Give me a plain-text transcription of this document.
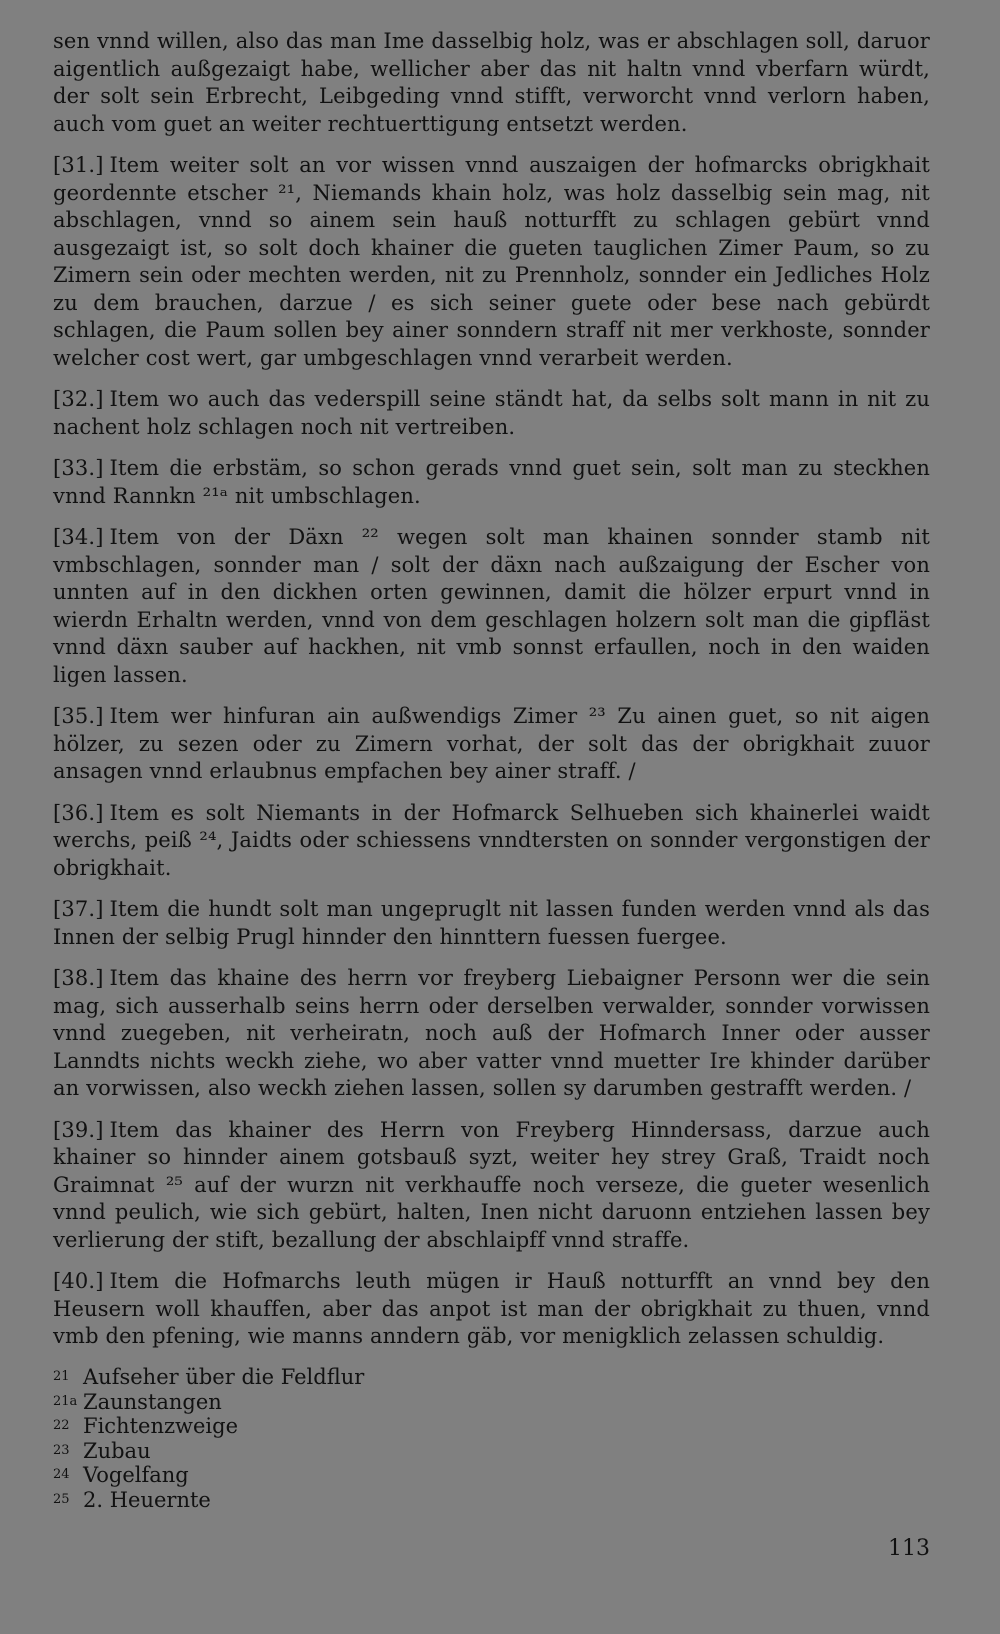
sen vnnd willen, also das man Ime dasselbig holz, was er abschlagen soll, daruor aigentlich außgezaigt habe, wellicher aber das nit haltn vnnd vberfarn würdt, der solt sein Erbrecht, Leibgeding vnnd stifft, verworcht vnnd verlorn haben, auch vom guet an weiter rechtuerttigung entsetzt werden.

[31.] Item weiter solt an vor wissen vnnd auszaigen der hofmarcks obrigkhait geordennte etscher ²¹, Niemands khain holz, was holz dasselbig sein mag, nit abschlagen, vnnd so ainem sein hauß notturfft zu schlagen gebürt vnnd ausgezaigt ist, so solt doch khainer die gueten tauglichen Zimer Paum, so zu Zimern sein oder mechten werden, nit zu Prennholz, sonnder ein Jedliches Holz zu dem brauchen, darzue / es sich seiner guete oder bese nach gebürdt schlagen, die Paum sollen bey ainer sonndern straff nit mer verkhoste, sonnder welcher cost wert, gar umbgeschlagen vnnd verarbeit werden.

[32.] Item wo auch das vederspill seine ständt hat, da selbs solt mann in nit zu nachent holz schlagen noch nit vertreiben.

[33.] Item die erbstäm, so schon gerads vnnd guet sein, solt man zu steckhen vnnd Rannkn ²¹ᵃ nit umbschlagen.

[34.] Item von der Däxn ²² wegen solt man khainen sonnder stamb nit vmbschlagen, sonnder man / solt der däxn nach außzaigung der Escher von unnten auf in den dickhen orten gewinnen, damit die hölzer erpurt vnnd in wierdn Erhaltn werden, vnnd von dem geschlagen holzern solt man die gipfläst vnnd däxn sauber auf hackhen, nit vmb sonnst erfaullen, noch in den waiden ligen lassen.

[35.] Item wer hinfuran ain außwendigs Zimer ²³ Zu ainen guet, so nit aigen hölzer, zu sezen oder zu Zimern vorhat, der solt das der obrigkhait zuuor ansagen vnnd erlaubnus empfachen bey ainer straff. /

[36.] Item es solt Niemants in der Hofmarck Selhueben sich khainerlei waidt werchs, peiß ²⁴, Jaidts oder schiessens vnndtersten on sonnder vergonstigen der obrigkhait.

[37.] Item die hundt solt man ungepruglt nit lassen funden werden vnnd als das Innen der selbig Prugl hinnder den hinnttern fuessen fuergee.

[38.] Item das khaine des herrn vor freyberg Liebaigner Personn wer die sein mag, sich ausserhalb seins herrn oder derselben verwalder, sonnder vorwissen vnnd zuegeben, nit verheiratn, noch auß der Hofmarch Inner oder ausser Lanndts nichts weckh ziehe, wo aber vatter vnnd muetter Ire khinder darüber an vorwissen, also weckh ziehen lassen, sollen sy darumben gestrafft werden. /

[39.] Item das khainer des Herrn von Freyberg Hinndersass, darzue auch khainer so hinnder ainem gotsbauß syzt, weiter hey strey Graß, Traidt noch Graimnat ²⁵ auf der wurzn nit verkhauffe noch verseze, die gueter wesenlich vnnd peulich, wie sich gebürt, halten, Inen nicht daruonn entziehen lassen bey verlierung der stift, bezallung der abschlaipff vnnd straffe.

[40.] Item die Hofmarchs leuth mügen ir Hauß notturfft an vnnd bey den Heusern woll khauffen, aber das anpot ist man der obrigkhait zu thuen, vnnd vmb den pfening, wie manns anndern gäb, vor menigklich zelassen schuldig.

21 Aufseher über die Feldflur
21a Zaunstangen
22 Fichtenzweige
23 Zubau
24 Vogelfang
25 2. Heuernte
113
